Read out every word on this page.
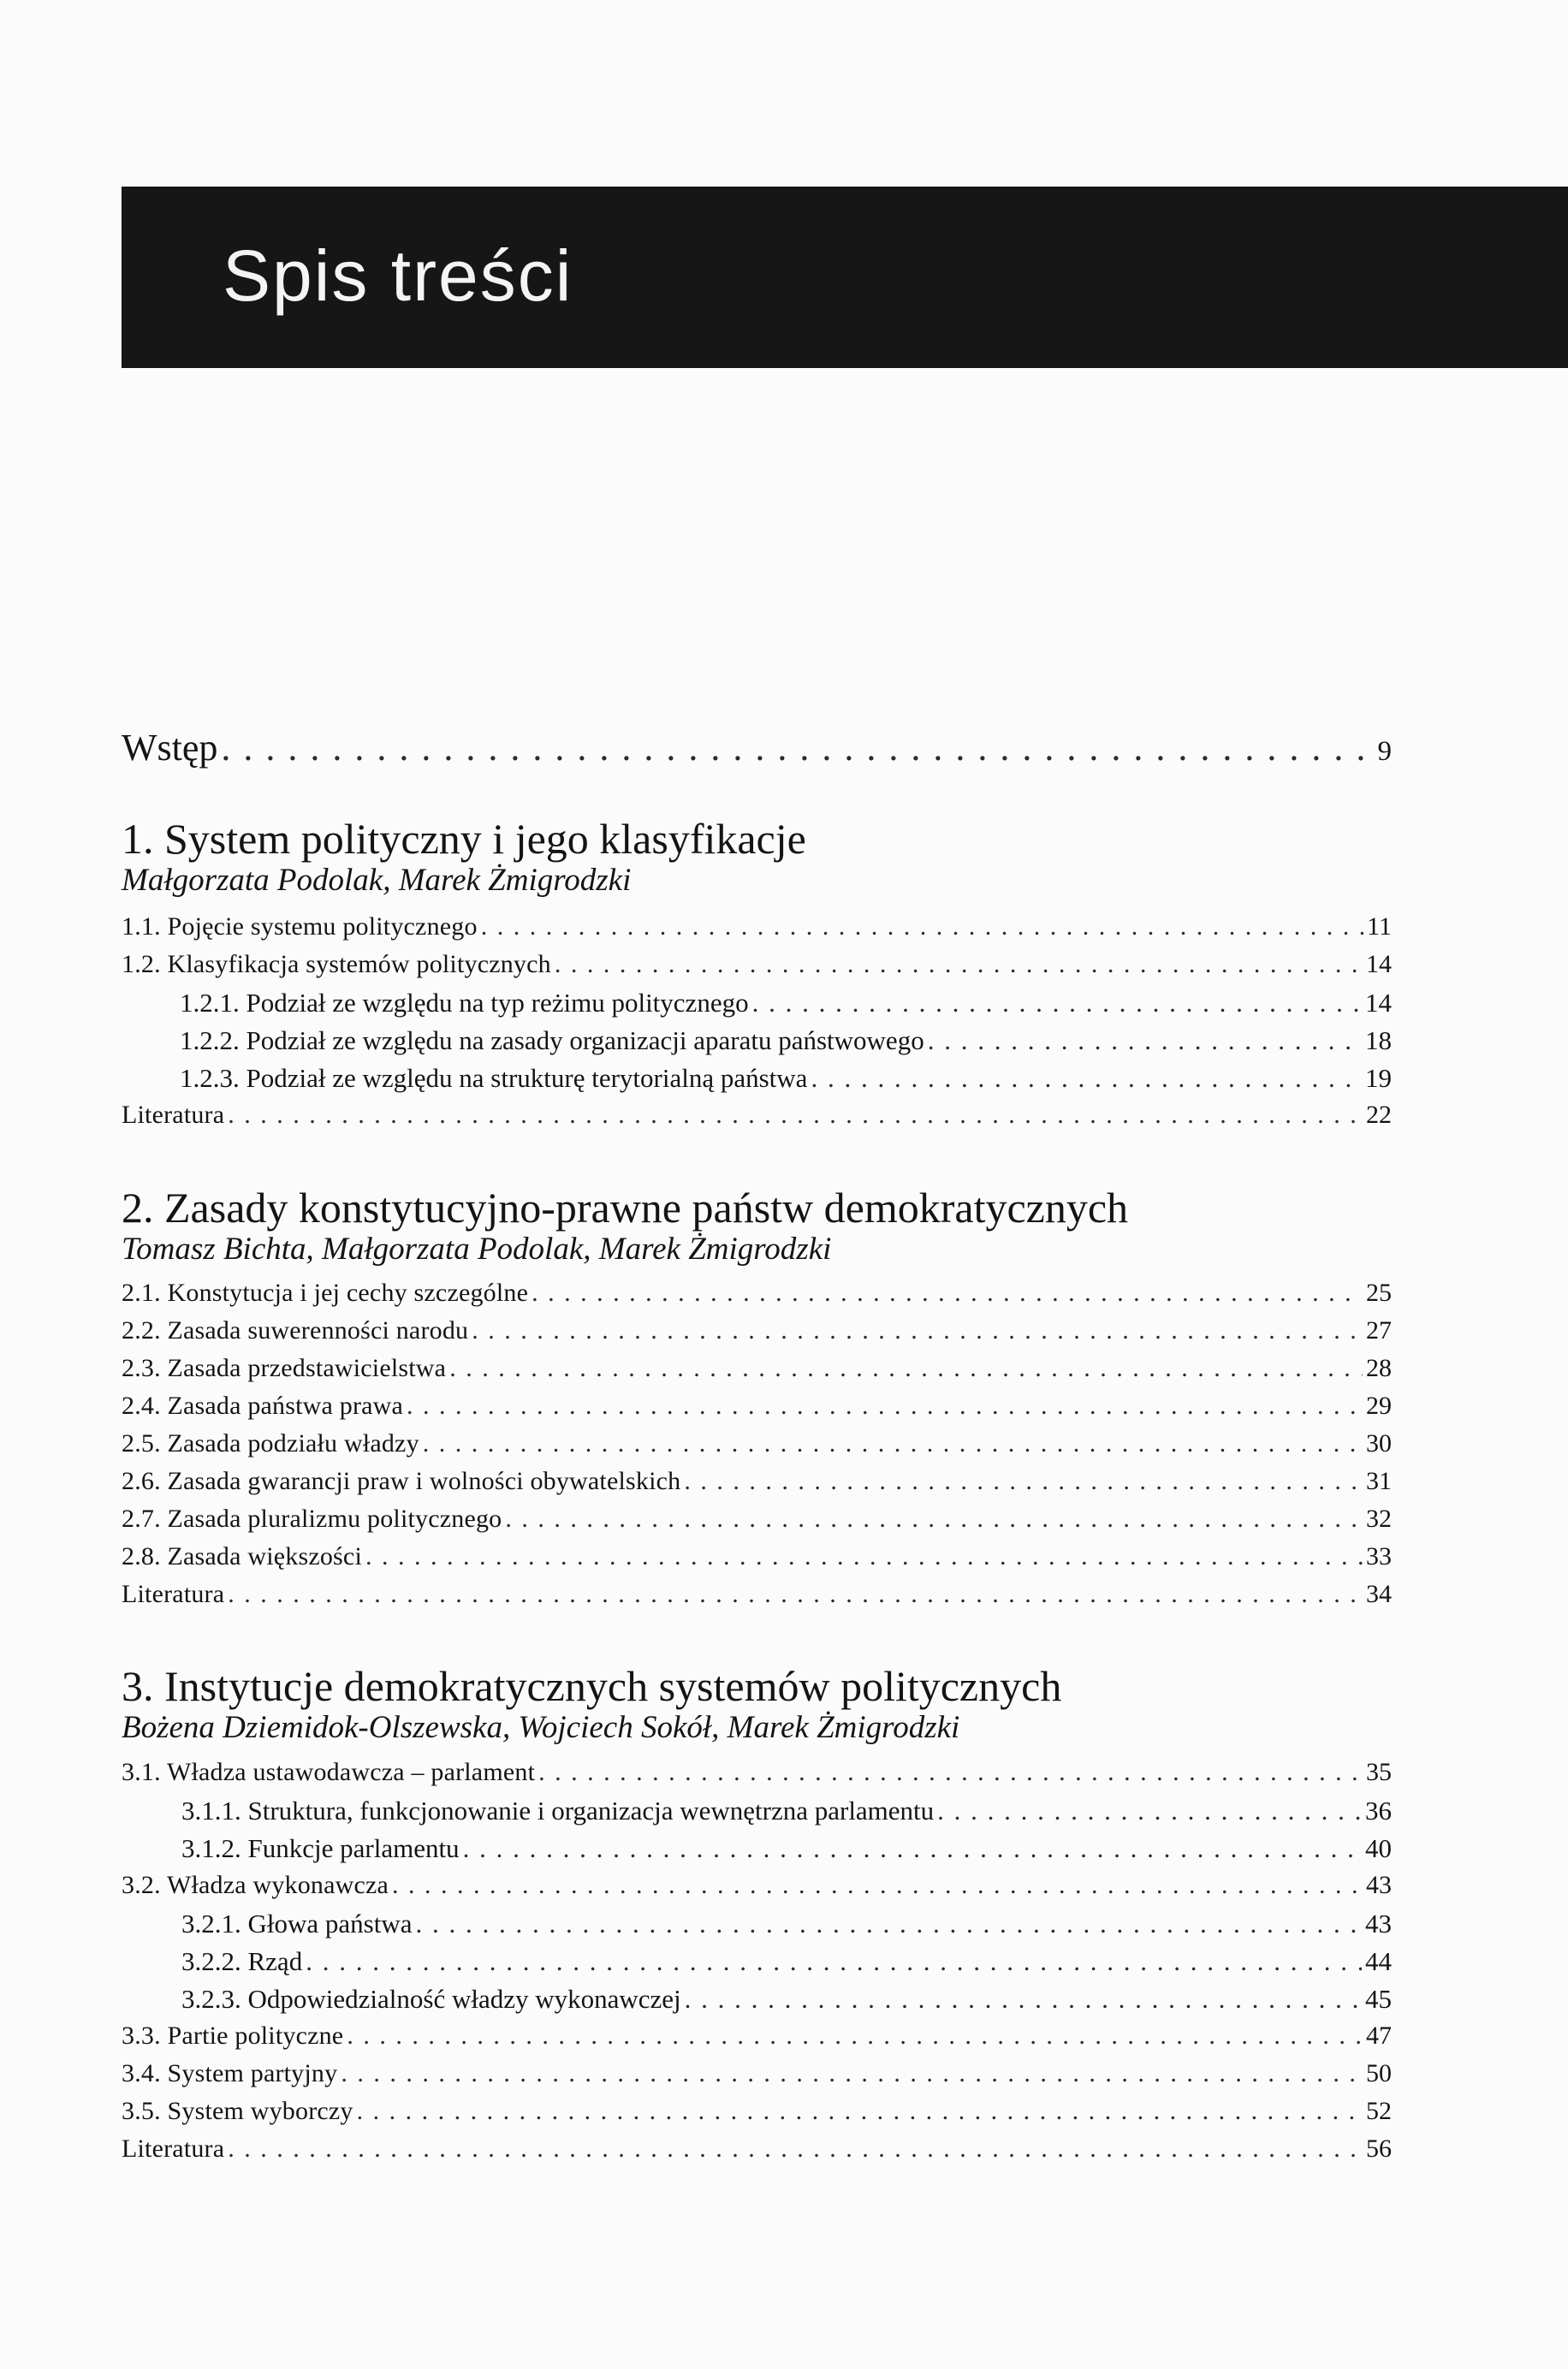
Spis treści
Wstęp . . .	9
1. System polityczny i jego klasyfikacje
Małgorzata Podolak, Marek Żmigrodzki
1.1. Pojęcie systemu politycznego . . .	11
1.2. Klasyfikacja systemów politycznych . . .	14
1.2.1. Podział ze względu na typ reżimu politycznego . . .	14
1.2.2. Podział ze względu na zasady organizacji aparatu państwowego . . .	18
1.2.3. Podział ze względu na strukturę terytorialną państwa . . .	19
Literatura . . .	22
2. Zasady konstytucyjno-prawne państw demokratycznych
Tomasz Bichta, Małgorzata Podolak, Marek Żmigrodzki
2.1. Konstytucja i jej cechy szczególne . . .	25
2.2. Zasada suwerenności narodu . . .	27
2.3. Zasada przedstawicielstwa . . .	28
2.4. Zasada państwa prawa . . .	29
2.5. Zasada podziału władzy . . .	30
2.6. Zasada gwarancji praw i wolności obywatelskich . . .	31
2.7. Zasada pluralizmu politycznego . . .	32
2.8. Zasada większości . . .	33
Literatura . . .	34
3. Instytucje demokratycznych systemów politycznych
Bożena Dziemidok-Olszewska, Wojciech Sokół, Marek Żmigrodzki
3.1. Władza ustawodawcza – parlament . . .	35
3.1.1. Struktura, funkcjonowanie i organizacja wewnętrzna parlamentu . . .	36
3.1.2. Funkcje parlamentu . . .	40
3.2. Władza wykonawcza . . .	43
3.2.1. Głowa państwa . . .	43
3.2.2. Rząd . . .	44
3.2.3. Odpowiedzialność władzy wykonawczej . . .	45
3.3. Partie polityczne . . .	47
3.4. System partyjny . . .	50
3.5. System wyborczy . . .	52
Literatura . . .	56
